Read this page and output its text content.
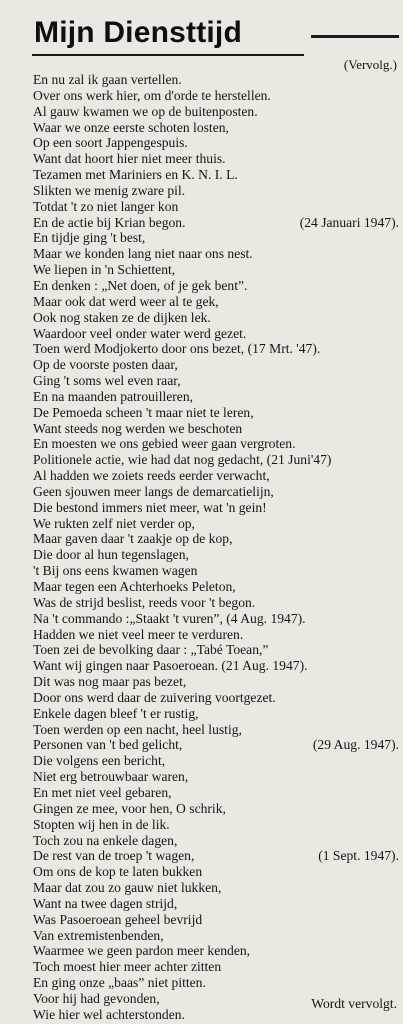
Mijn Diensttijd
(Vervolg.)
En nu zal ik gaan vertellen.
Over ons werk hier, om d'orde te herstellen.
Al gauw kwamen we op de buitenposten.
Waar we onze eerste schoten losten,
Op een soort Jappengespuis.
Want dat hoort hier niet meer thuis.
Tezamen met Mariniers en K. N. I. L.
Slikten we menig zware pil.
Totdat 't zo niet langer kon
En de actie bij Krian begon.	(24 Januari 1947).
En tijdje ging 't best,
Maar we konden lang niet naar ons nest.
We liepen in 'n Schiettent,
En denken : „Net doen, of je gek bent”.
Maar ook dat werd weer al te gek,
Ook nog staken ze de dijken lek.
Waardoor veel onder water werd gezet.
Toen werd Modjokerto door ons bezet, (17 Mrt. '47).
Op de voorste posten daar,
Ging 't soms wel even raar,
En na maanden patrouilleren,
De Pemoeda scheen 't maar niet te leren,
Want steeds nog werden we beschoten
En moesten we ons gebied weer gaan vergroten.
Politionele actie, wie had dat nog gedacht, (21 Juni'47)
Al hadden we zoiets reeds eerder verwacht,
Geen sjouwen meer langs de demarcatielijn,
Die bestond immers niet meer, wat 'n gein!
We rukten zelf niet verder op,
Maar gaven daar 't zaakje op de kop,
Die door al hun tegenslagen,
't Bij ons eens kwamen wagen
Maar tegen een Achterhoeks Peleton,
Was de strijd beslist, reeds voor 't begon.
Na 't commando :„Staakt 't vuren”, (4 Aug. 1947).
Hadden we niet veel meer te verduren.
Toen zei de bevolking daar : „Tabé Toean,”
Want wij gingen naar Pasoeroean. (21 Aug. 1947).
Dit was nog maar pas bezet,
Door ons werd daar de zuivering voortgezet.
Enkele dagen bleef 't er rustig,
Toen werden op een nacht, heel lustig,
Personen van 't bed gelicht,	(29 Aug. 1947).
Die volgens een bericht,
Niet erg betrouwbaar waren,
En met niet veel gebaren,
Gingen ze mee, voor hen, O schrik,
Stopten wij hen in de lik.
Toch zou na enkele dagen,
De rest van de troep 't wagen,	(1 Sept. 1947).
Om ons de kop te laten bukken
Maar dat zou zo gauw niet lukken,
Want na twee dagen strijd,
Was Pasoeroean geheel bevrijd
Van extremistenbenden,
Waarmee we geen pardon meer kenden,
Toch moest hier meer achter zitten
En ging onze „baas” niet pitten.
Voor hij had gevonden,
Wie hier wel achterstonden.
Wordt vervolgt.
